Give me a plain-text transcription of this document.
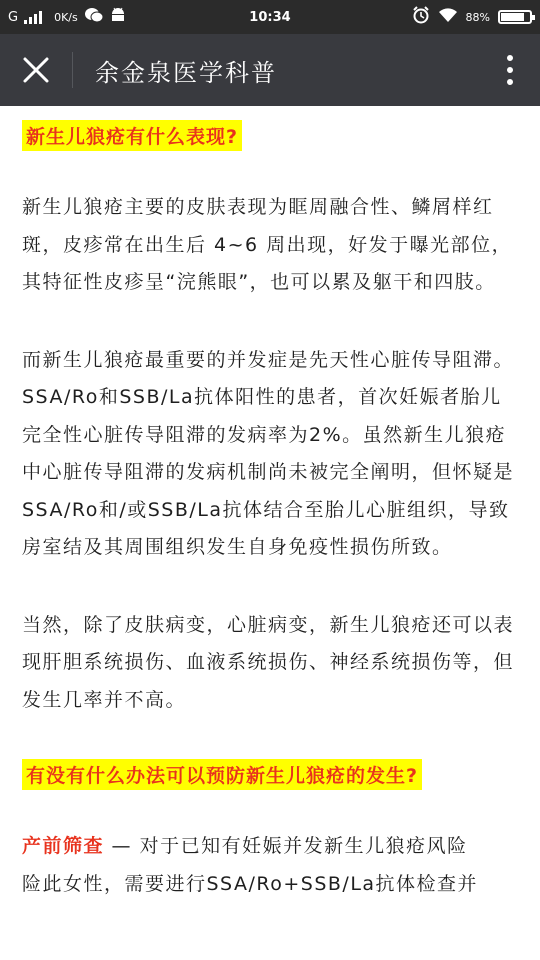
G	0K/s	10:34	88%
余金泉医学科普
新生儿狼疮有什么表现?

新生儿狼疮主要的皮肤表现为眶周融合性、鳞屑样红斑，皮疹常在出生后 4~6 周出现，好发于曝光部位，其特征性皮疹呈“浣熊眼”，也可以累及躯干和四肢。

而新生儿狼疮最重要的并发症是先天性心脏传导阻滞。SSA/Ro和SSB/La抗体阳性的患者，首次妊娠者胎儿完全性心脏传导阻滞的发病率为2%。虽然新生儿狼疮中心脏传导阻滞的发病机制尚未被完全阐明，但怀疑是SSA/Ro和/或SSB/La抗体结合至胎儿心脏组织，导致房室结及其周围组织发生自身免疫性损伤所致。

当然，除了皮肤病变，心脏病变，新生儿狼疮还可以表现肝胆系统损伤、血液系统损伤、神经系统损伤等，但发生几率并不高。

有没有什么办法可以预防新生儿狼疮的发生?

产前筛查 — 对于已知有妊娠并发新生儿狼疮风险
险此女性，需要进行SSA/Ro+SSB/La抗体检查并
